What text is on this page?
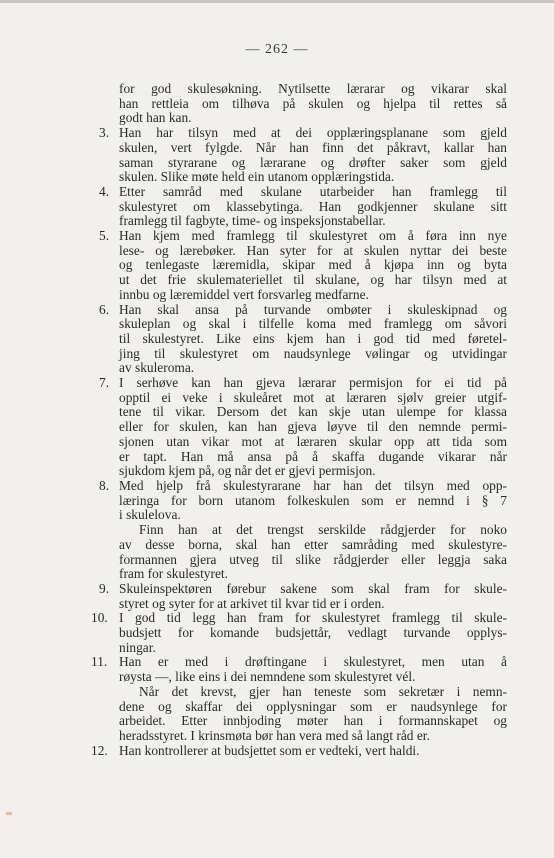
— 262 —
for god skulesøkning. Nytilsette lærarar og vikarar skal
han rettleia om tilhøva på skulen og hjelpa til rettes så
godt han kan.
3. Han har tilsyn med at dei opplæringsplanane som gjeld
skulen, vert fylgde. Når han finn det påkravt, kallar han
saman styrarane og lærarane og drøfter saker som gjeld
skulen. Slike møte held ein utanom opplæringstida.
4. Etter samråd med skulane utarbeider han framlegg til
skulestyret om klassebytinga. Han godkjenner skulane sitt
framlegg til fagbyte, time- og inspeksjonstabellar.
5. Han kjem med framlegg til skulestyret om å føra inn nye
lese- og lærebøker. Han syter for at skulen nyttar dei beste
og tenlegaste læremidla, skipar med å kjøpa inn og byta
ut det frie skulemateriellet til skulane, og har tilsyn med at
innbu og læremiddel vert forsvarleg medfarne.
6. Han skal ansa på turvande ombøter i skuleskipnad og
skuleplan og skal i tilfelle koma med framlegg om såvori
til skulestyret. Like eins kjem han i god tid med føretel-
jing til skulestyret om naudsynlege vølingar og utvidingar
av skuleroma.
7. I serhøve kan han gjeva lærarar permisjon for ei tid på
opptil ei veke i skuleåret mot at læraren sjølv greier utgif-
tene til vikar. Dersom det kan skje utan ulempe for klassa
eller for skulen, kan han gjeva løyve til den nemnde permi-
sjonen utan vikar mot at læraren skular opp att tida som
er tapt. Han må ansa på å skaffa dugande vikarar når
sjukdom kjem på, og når det er gjevi permisjon.
8. Med hjelp frå skulestyrarane har han det tilsyn med opp-
læringa for born utanom folkeskulen som er nemnd i § 7
i skulelova.
Finn han at det trengst serskilde rådgjerder for noko
av desse borna, skal han etter samråding med skulestyre-
formannen gjera utveg til slike rådgjerder eller leggja saka
fram for skulestyret.
9. Skuleinspektøren førebur sakene som skal fram for skule-
styret og syter for at arkivet til kvar tid er i orden.
10. I god tid legg han fram for skulestyret framlegg til skule-
budsjett for komande budsjettår, vedlagt turvande opplys-
ningar.
11. Han er med i drøftingane i skulestyret, men utan å
røysta —, like eins i dei nemndene som skulestyret vél.
Når det krevst, gjer han teneste som sekretær i nemn-
dene og skaffar dei opplysningar som er naudsynlege for
arbeidet. Etter innbjoding møter han i formannskapet og
heradsstyret. I krinsmøta bør han vera med så langt råd er.
12. Han kontrollerer at budsjettet som er vedteki, vert haldi.
